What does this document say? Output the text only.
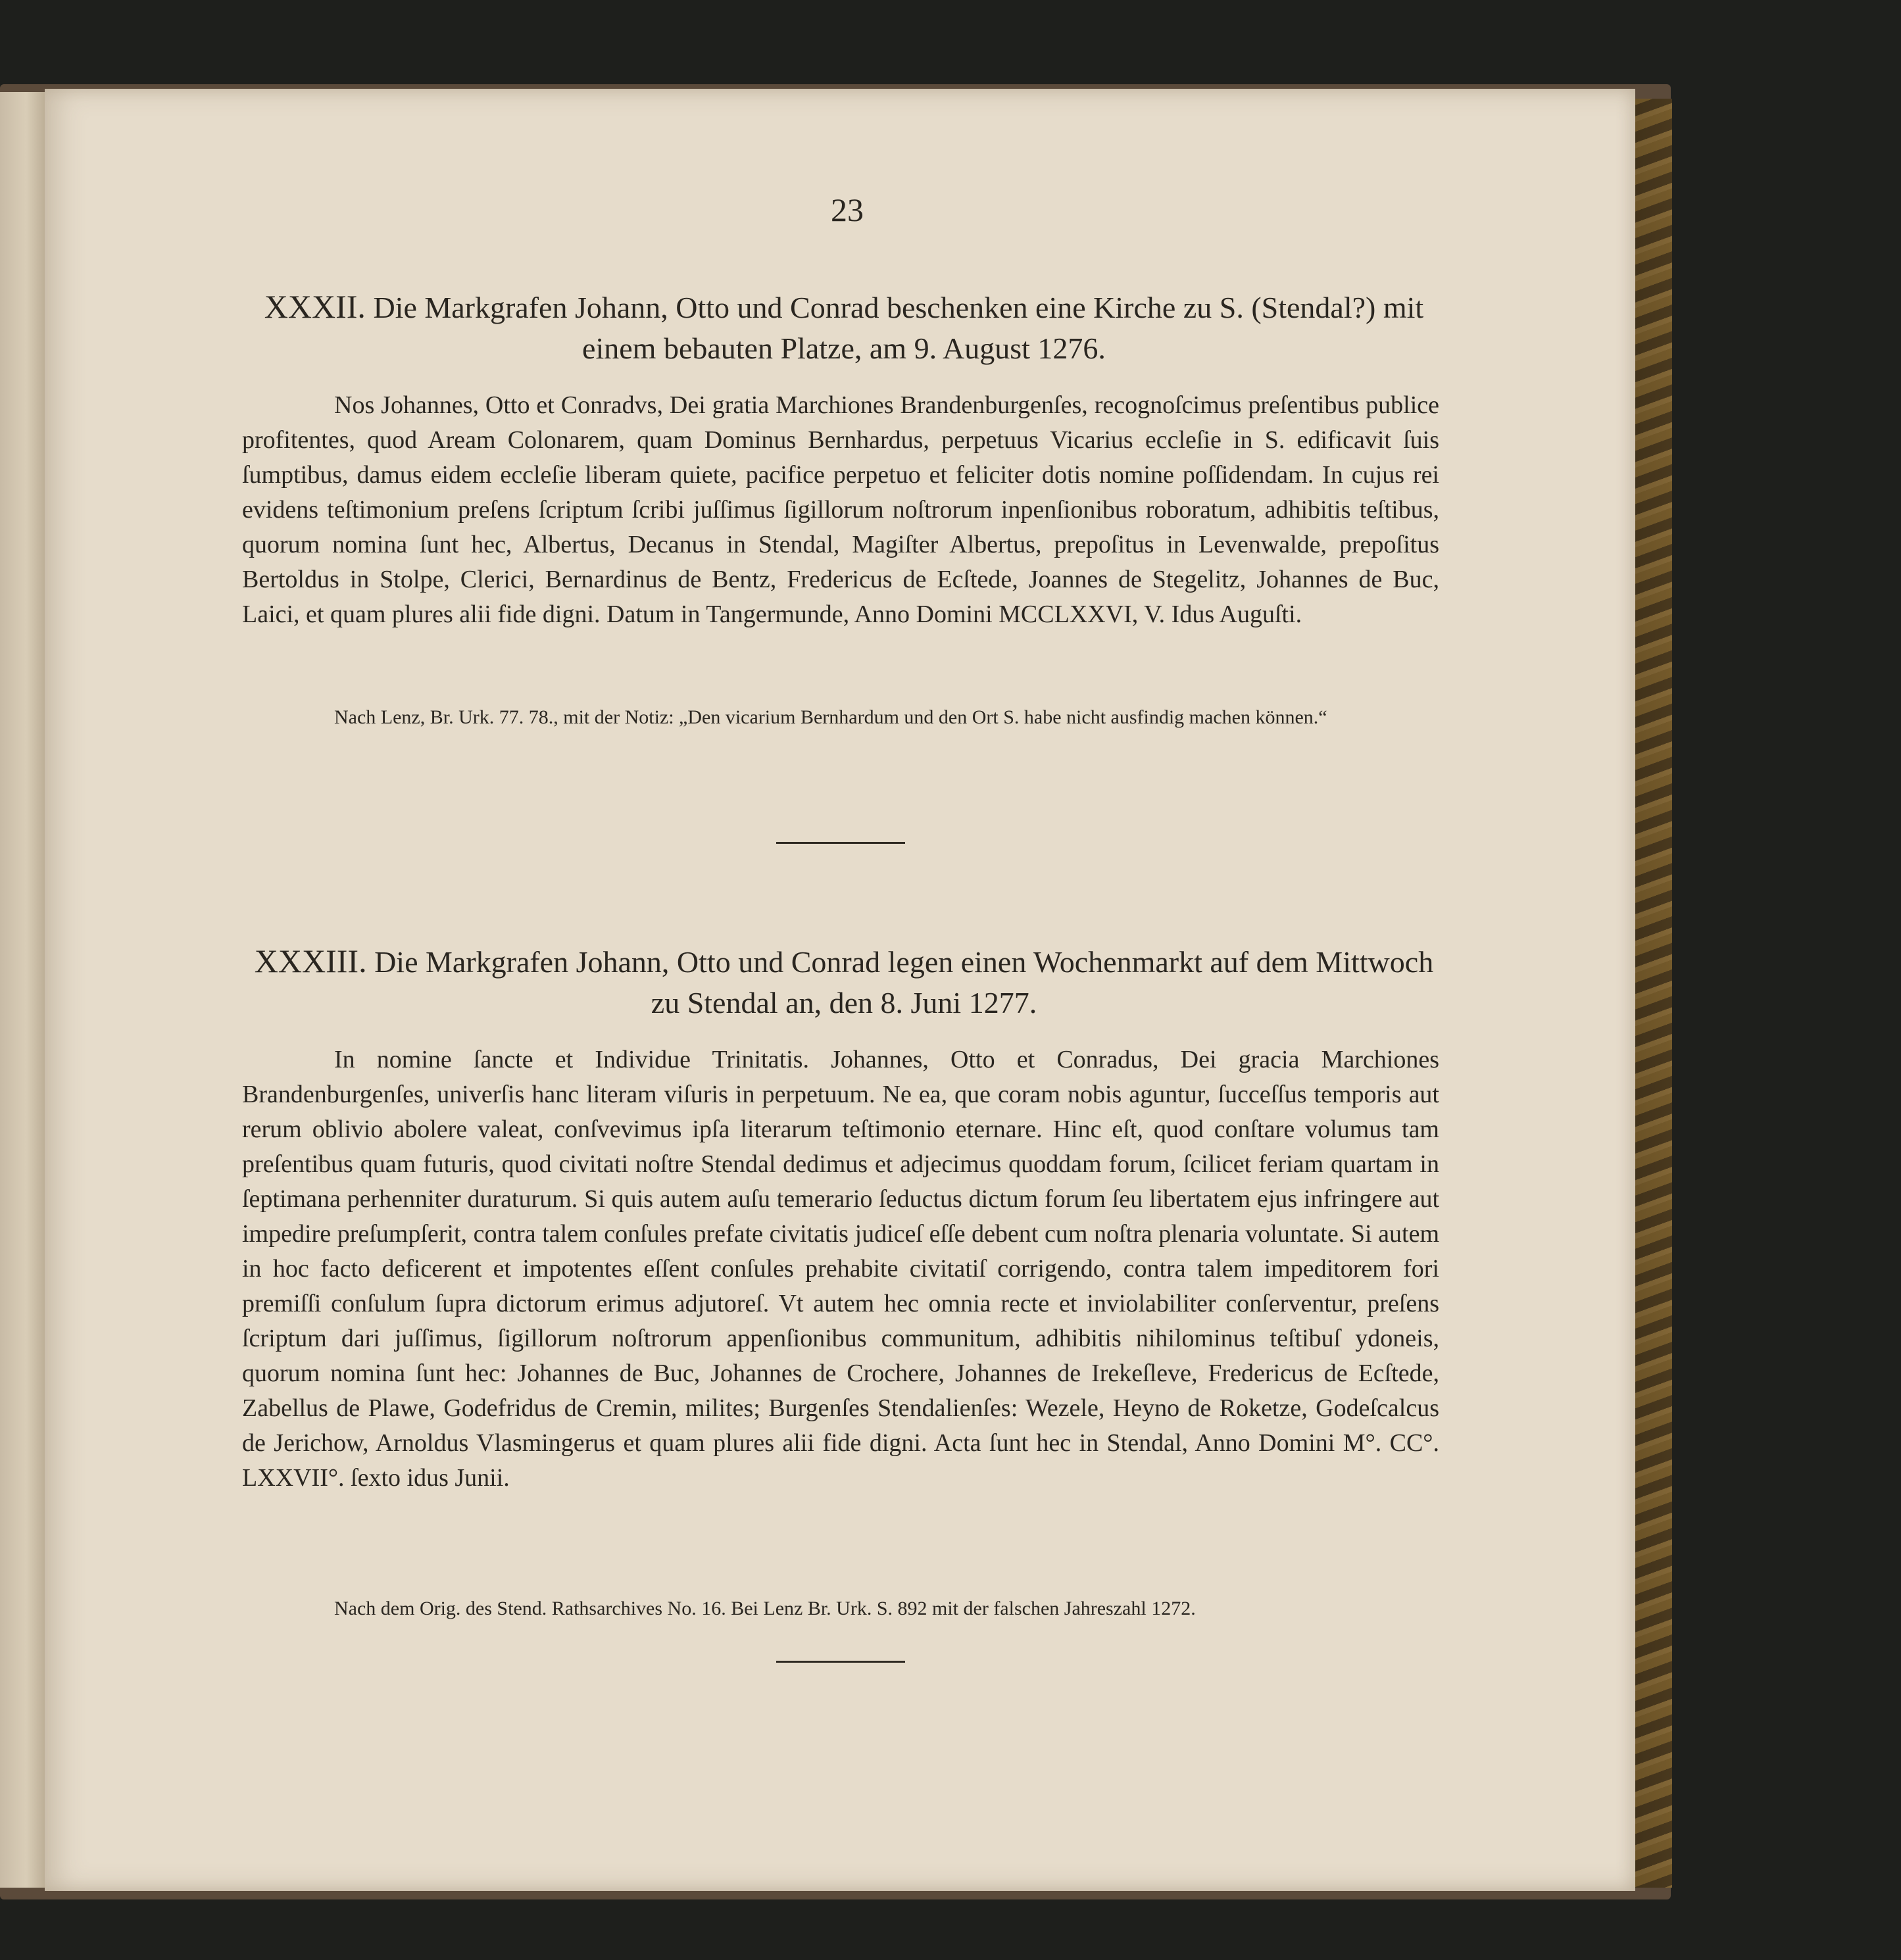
23
XXXII. Die Markgrafen Johann, Otto und Conrad beschenken eine Kirche zu S. (Stendal?) mit einem bebauten Platze, am 9. August 1276.
Nos Johannes, Otto et Conradvs, Dei gratia Marchiones Brandenburgenſes, recognoſcimus preſentibus publice profitentes, quod Aream Colonarem, quam Dominus Bernhardus, perpetuus Vicarius eccleſie in S. edificavit ſuis ſumptibus, damus eidem eccleſie liberam quiete, pacifice perpetuo et feliciter dotis nomine poſſidendam. In cujus rei evidens teſtimonium preſens ſcriptum ſcribi juſſimus ſigillorum noſtrorum inpenſionibus roboratum, adhibitis teſtibus, quorum nomina ſunt hec, Albertus, Decanus in Stendal, Magiſter Albertus, prepoſitus in Levenwalde, prepoſitus Bertoldus in Stolpe, Clerici, Bernardinus de Bentz, Fredericus de Ecſtede, Joannes de Stegelitz, Johannes de Buc, Laici, et quam plures alii fide digni. Datum in Tangermunde, Anno Domini MCCLXXVI, V. Idus Auguſti.
Nach Lenz, Br. Urk. 77. 78., mit der Notiz: „Den vicarium Bernhardum und den Ort S. habe nicht ausfindig machen können.“
XXXIII. Die Markgrafen Johann, Otto und Conrad legen einen Wochenmarkt auf dem Mittwoch zu Stendal an, den 8. Juni 1277.
In nomine ſancte et Individue Trinitatis. Johannes, Otto et Conradus, Dei gracia Marchiones Brandenburgenſes, univerſis hanc literam viſuris in perpetuum. Ne ea, que coram nobis aguntur, ſucceſſus temporis aut rerum oblivio abolere valeat, conſvevimus ipſa literarum teſtimonio eternare. Hinc eſt, quod conſtare volumus tam preſentibus quam futuris, quod civitati noſtre Stendal dedimus et adjecimus quoddam forum, ſcilicet feriam quartam in ſeptimana perhenniter duraturum. Si quis autem auſu temerario ſeductus dictum forum ſeu libertatem ejus infringere aut impedire preſumpſerit, contra talem conſules prefate civitatis judiceſ eſſe debent cum noſtra plenaria voluntate. Si autem in hoc facto deficerent et impotentes eſſent conſules prehabite civitatiſ corrigendo, contra talem impeditorem fori premiſſi conſulum ſupra dictorum erimus adjutoreſ. Vt autem hec omnia recte et inviolabiliter conſerventur, preſens ſcriptum dari juſſimus, ſigillorum noſtrorum appenſionibus communitum, adhibitis nihilominus teſtibuſ ydoneis, quorum nomina ſunt hec: Johannes de Buc, Johannes de Crochere, Johannes de Irekeſleve, Fredericus de Ecſtede, Zabellus de Plawe, Godefridus de Cremin, milites; Burgenſes Stendalienſes: Wezele, Heyno de Roketze, Godeſcalcus de Jerichow, Arnoldus Vlasmingerus et quam plures alii fide digni. Acta ſunt hec in Stendal, Anno Domini M°. CC°. LXXVII°. ſexto idus Junii.
Nach dem Orig. des Stend. Rathsarchives No. 16. Bei Lenz Br. Urk. S. 892 mit der falschen Jahreszahl 1272.
